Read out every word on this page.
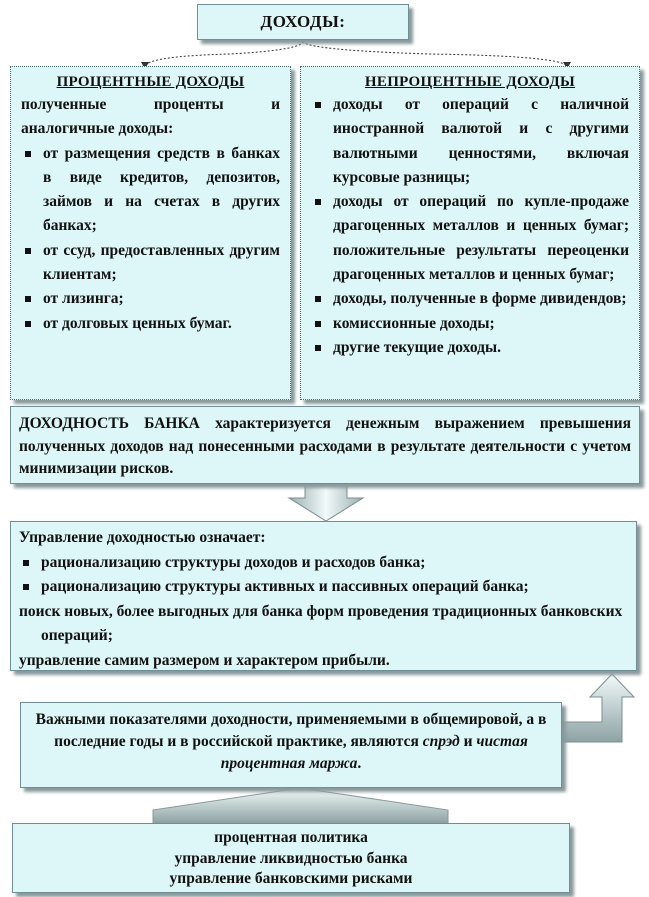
ДОХОДЫ:
ПРОЦЕНТНЫЕ ДОХОДЫ
полученные проценты и аналогичные доходы:
от размещения средств в банках в виде кредитов, депозитов, займов и на счетах в других банках;
от ссуд, предоставленных другим клиентам;
от лизинга;
от долговых ценных бумаг.
НЕПРОЦЕНТНЫЕ ДОХОДЫ
доходы от операций с наличной иностранной валютой и с другими валютными ценностями, включая курсовые разницы;
доходы от операций по купле-продаже драгоценных металлов и ценных бумаг; положительные результаты переоценки драгоценных металлов и ценных бумаг;
доходы, полученные в форме дивидендов;
комиссионные доходы;
другие текущие доходы.
ДОХОДНОСТЬ БАНКА характеризуется денежным выражением превышения полученных доходов над понесенными расходами в результате деятельности с учетом минимизации рисков.
Управление доходностью означает:
рационализацию структуры доходов и расходов банка;
рационализацию структуры активных и пассивных операций банка;
поиск новых, более выгодных для банка форм проведения традиционных банковских операций;
управление самим размером и характером прибыли.
Важными показателями доходности, применяемыми в общемировой, а в последние годы и в российской практике, являются спрэд и чистая процентная маржа.
процентная политика
управление ликвидностью банка
управление банковскими рисками
